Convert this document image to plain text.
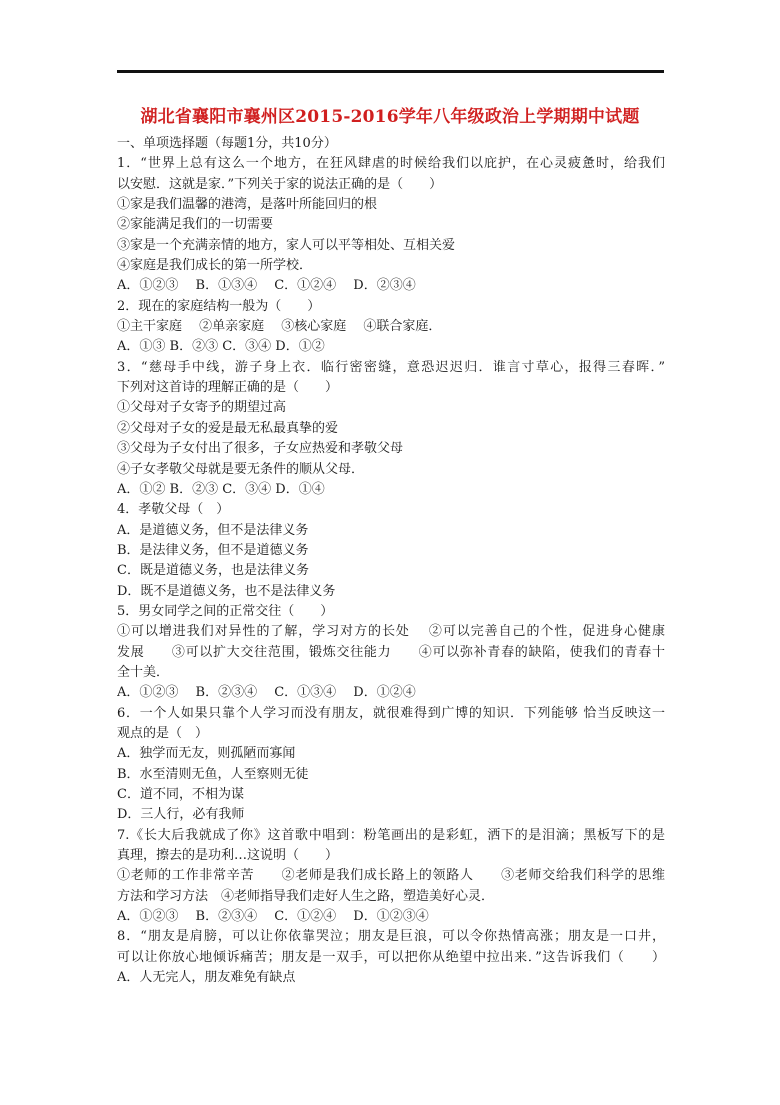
湖北省襄阳市襄州区2015-2016学年八年级政治上学期期中试题
一、单项选择题（每题1分，共10分）
1．“世界上总有这么一个地方，在狂风肆虐的时候给我们以庇护，在心灵疲惫时，给我们
以安慰．这就是家．”下列关于家的说法正确的是（　　）
①家是我们温馨的港湾，是落叶所能回归的根
②家能满足我们的一切需要
③家是一个充满亲情的地方，家人可以平等相处、互相关爱
④家庭是我们成长的第一所学校．
A．①②③　 B．①③④　 C．①②④　 D．②③④
2．现在的家庭结构一般为（　　）
①主干家庭　 ②单亲家庭　 ③核心家庭　 ④联合家庭．
A．①③ B．②③ C．③④ D．①②
3．“慈母手中线，游子身上衣．临行密密缝，意恐迟迟归．谁言寸草心，报得三春晖．”
下列对这首诗的理解正确的是（　　）
①父母对子女寄予的期望过高
②父母对子女的爱是最无私最真挚的爱
③父母为子女付出了很多，子女应热爱和孝敬父母
④子女孝敬父母就是要无条件的顺从父母．
A．①② B．②③ C．③④ D．①④
4．孝敬父母（　）
A．是道德义务，但不是法律义务
B．是法律义务，但不是道德义务
C．既是道德义务，也是法律义务
D．既不是道德义务，也不是法律义务
5．男女同学之间的正常交往（　　）
①可以增进我们对异性的了解，学习对方的长处　 ②可以完善自己的个性，促进身心健康
发展　　③可以扩大交往范围，锻炼交往能力　　④可以弥补青春的缺陷，使我们的青春十
全十美．
A．①②③　 B．②③④　 C．①③④　 D．①②④
6．一个人如果只靠个人学习而没有朋友，就很难得到广博的知识．下列能够 恰当反映这一
观点的是（　）
A．独学而无友，则孤陋而寡闻
B．水至清则无鱼，人至察则无徒
C．道不同，不相为谋
D．三人行，必有我师
7.《长大后我就成了你》这首歌中唱到：粉笔画出的是彩虹，洒下的是泪滴；黑板写下的是
真理，擦去的是功利…这说明（　　）
①老师的工作非常辛苦　　②老师是我们成长路上的领路人　　③老师交给我们科学的思维
方法和学习方法　④老师指导我们走好人生之路，塑造美好心灵．
A．①②③　 B．②③④　 C．①②④　 D．①②③④
8．“朋友是肩膀，可以让你依靠哭泣；朋友是巨浪，可以令你热情高涨；朋友是一口井，
可以让你放心地倾诉痛苦；朋友是一双手，可以把你从绝望中拉出来．”这告诉我们（　　）
A．人无完人，朋友难免有缺点
